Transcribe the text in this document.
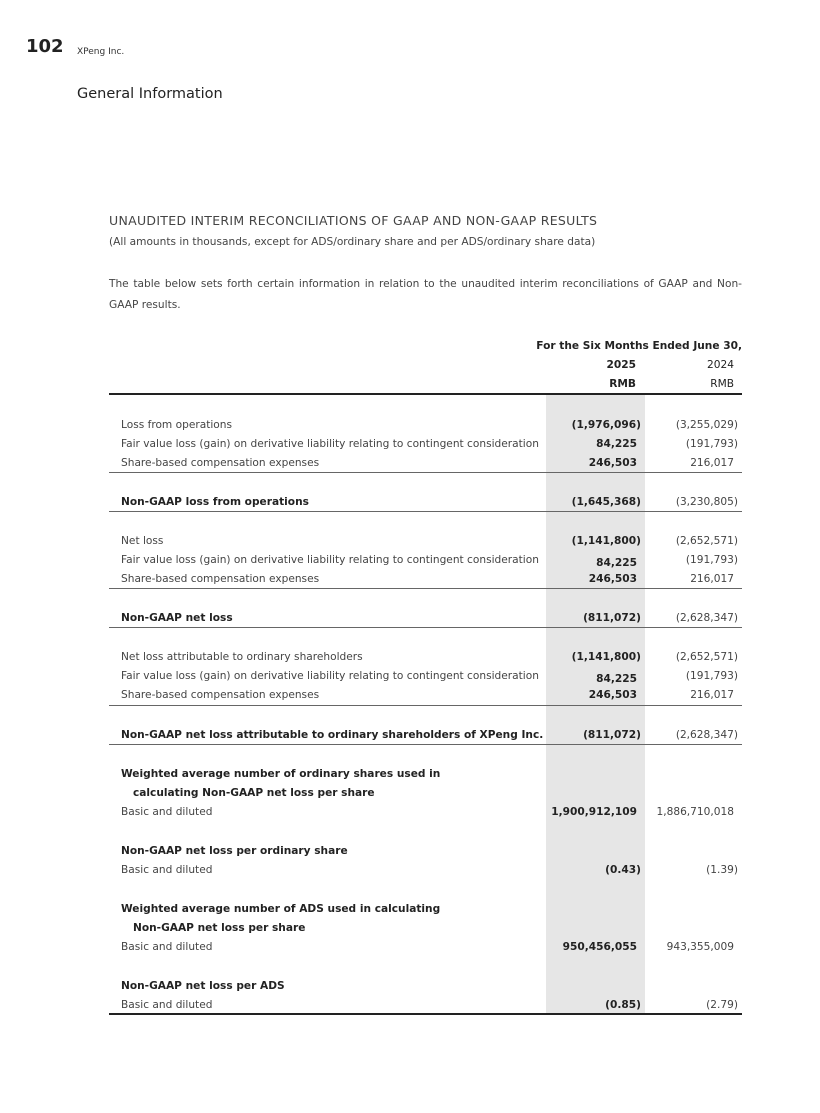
102 XPeng Inc.
General Information
UNAUDITED INTERIM RECONCILIATIONS OF GAAP AND NON-GAAP RESULTS
(All amounts in thousands, except for ADS/ordinary share and per ADS/ordinary share data)
The table below sets forth certain information in relation to the unaudited interim reconciliations of GAAP and Non-GAAP results.
For the Six Months Ended June 30,
2025	2024
RMB	RMB
Loss from operations	(1,976,096)	(3,255,029)
Fair value loss (gain) on derivative liability relating to contingent consideration	84,225	(191,793)
Share-based compensation expenses	246,503	216,017
Non-GAAP loss from operations	(1,645,368)	(3,230,805)
Net loss	(1,141,800)	(2,652,571)
Fair value loss (gain) on derivative liability relating to contingent consideration	84,225	(191,793)
Share-based compensation expenses	246,503	216,017
Non-GAAP net loss	(811,072)	(2,628,347)
Net loss attributable to ordinary shareholders	(1,141,800)	(2,652,571)
Fair value loss (gain) on derivative liability relating to contingent consideration	84,225	(191,793)
Share-based compensation expenses	246,503	216,017
Non-GAAP net loss attributable to ordinary shareholders of XPeng Inc.	(811,072)	(2,628,347)
Weighted average number of ordinary shares used in
calculating Non-GAAP net loss per share
Basic and diluted	1,900,912,109 1,886,710,018
Non-GAAP net loss per ordinary share
Basic and diluted	(0.43)	(1.39)
Weighted average number of ADS used in calculating
Non-GAAP net loss per share
Basic and diluted	950,456,055	943,355,009
Non-GAAP net loss per ADS
Basic and diluted	(0.85)	(2.79)
